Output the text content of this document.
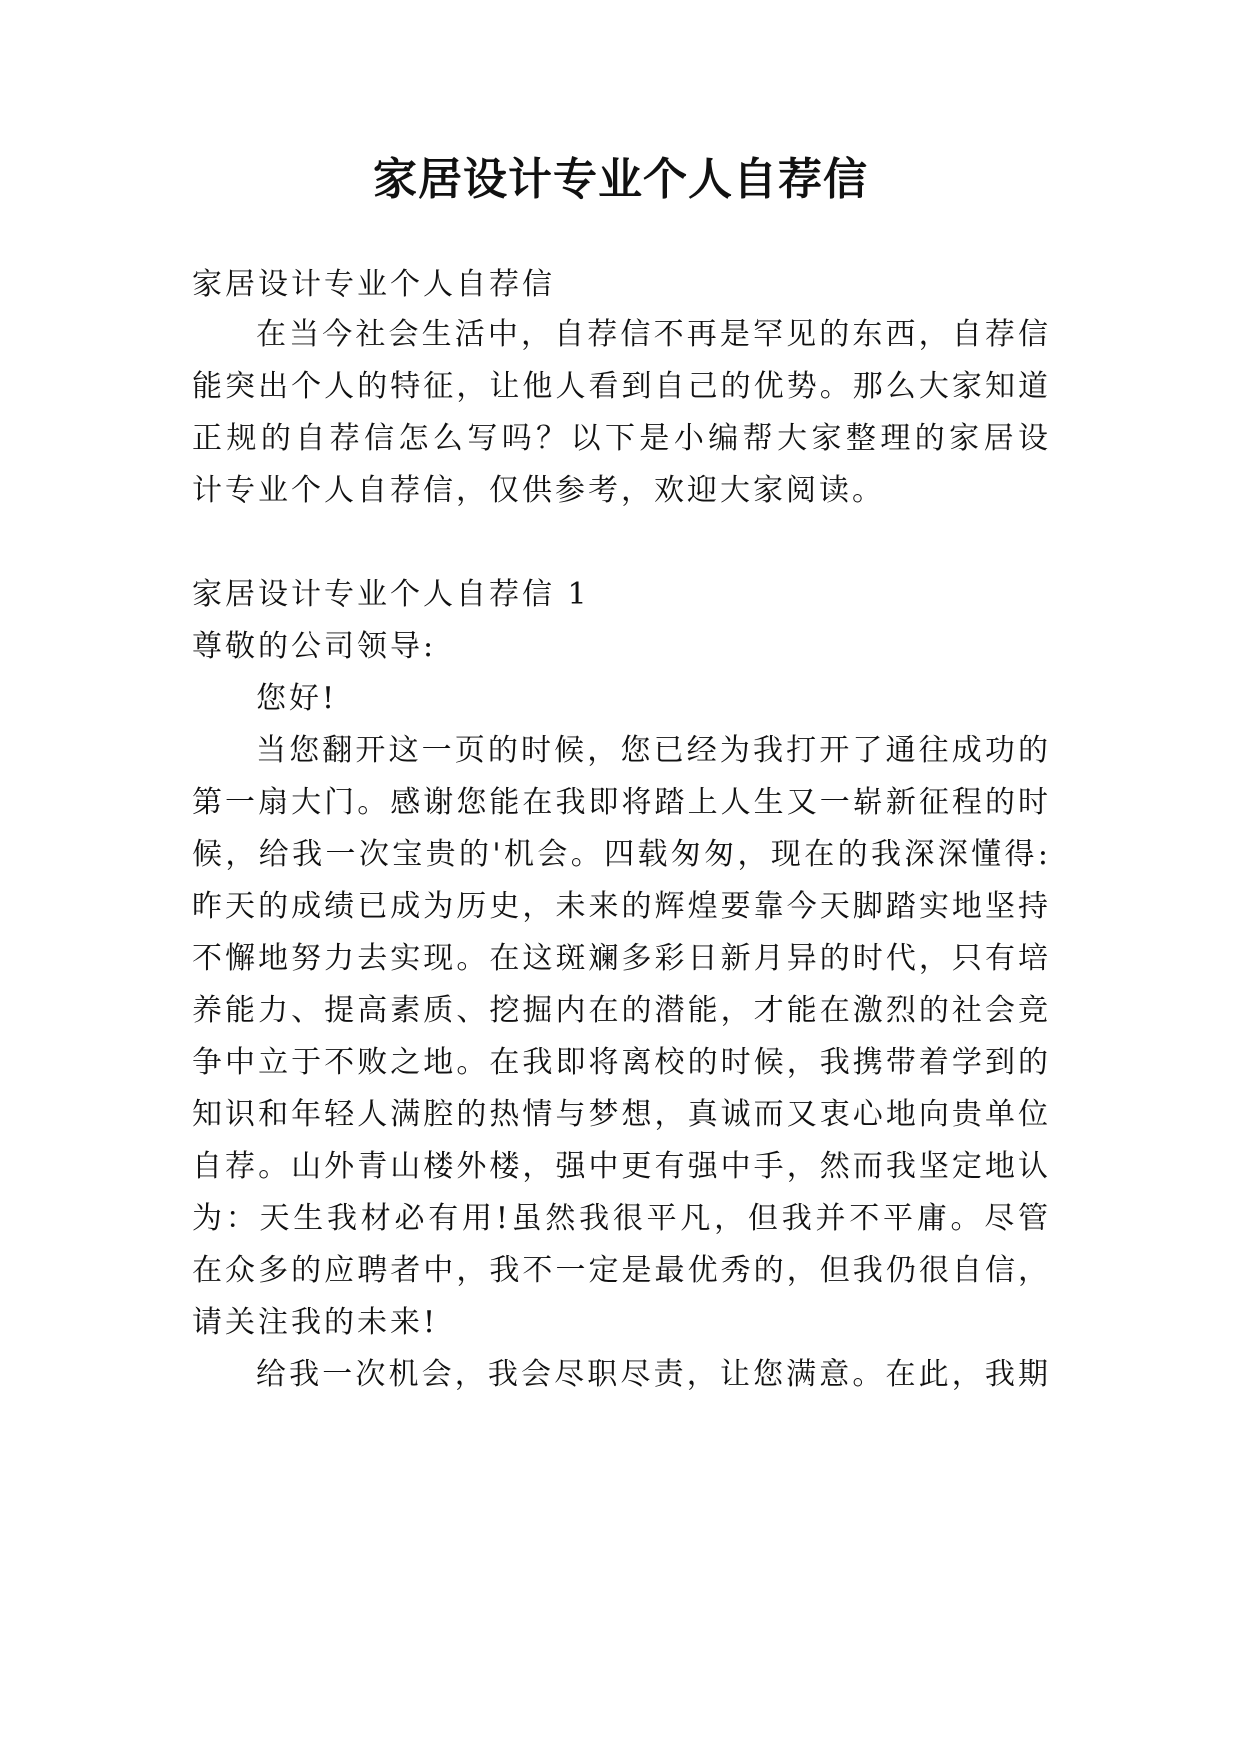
家居设计专业个人自荐信

家居设计专业个人自荐信

在当今社会生活中，自荐信不再是罕见的东西，自荐信

能突出个人的特征，让他人看到自己的优势。那么大家知道

正规的自荐信怎么写吗？以下是小编帮大家整理的家居设

计专业个人自荐信，仅供参考，欢迎大家阅读。

家居设计专业个人自荐信 1

尊敬的公司领导:

您好!

当您翻开这一页的时候，您已经为我打开了通往成功的

第一扇大门。感谢您能在我即将踏上人生又一崭新征程的时

候，给我一次宝贵的'机会。四载匆匆，现在的我深深懂得:

昨天的成绩已成为历史，未来的辉煌要靠今天脚踏实地坚持

不懈地努力去实现。在这斑斓多彩日新月异的时代，只有培

养能力、提高素质、挖掘内在的潜能，才能在激烈的社会竞

争中立于不败之地。在我即将离校的时候，我携带着学到的

知识和年轻人满腔的热情与梦想，真诚而又衷心地向贵单位

自荐。山外青山楼外楼，强中更有强中手，然而我坚定地认

为：天生我材必有用!虽然我很平凡，但我并不平庸。尽管

在众多的应聘者中，我不一定是最优秀的，但我仍很自信，

请关注我的未来!

给我一次机会，我会尽职尽责，让您满意。在此，我期
